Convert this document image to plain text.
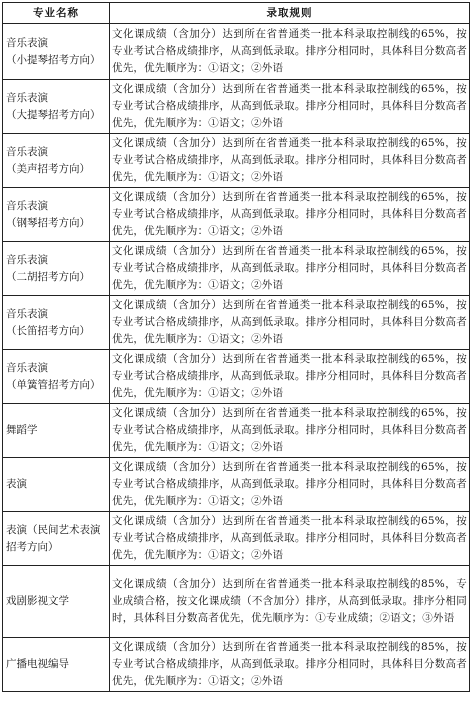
专业名称	录取规则
音乐表演
（小提琴招考方向）	文化课成绩（含加分）达到所在省普通类一批本科录取控制线的65%，按专业考试合格成绩排序，从高到低录取。排序分相同时，具体科目分数高者优先，优先顺序为：①语文；②外语
音乐表演
（大提琴招考方向）	文化课成绩（含加分）达到所在省普通类一批本科录取控制线的65%，按专业考试合格成绩排序，从高到低录取。排序分相同时，具体科目分数高者优先，优先顺序为：①语文；②外语
音乐表演
（美声招考方向）	文化课成绩（含加分）达到所在省普通类一批本科录取控制线的65%，按专业考试合格成绩排序，从高到低录取。排序分相同时，具体科目分数高者优先，优先顺序为：①语文；②外语
音乐表演
（钢琴招考方向）	文化课成绩（含加分）达到所在省普通类一批本科录取控制线的65%，按专业考试合格成绩排序，从高到低录取。排序分相同时，具体科目分数高者优先，优先顺序为：①语文；②外语
音乐表演
（二胡招考方向）	文化课成绩（含加分）达到所在省普通类一批本科录取控制线的65%，按专业考试合格成绩排序，从高到低录取。排序分相同时，具体科目分数高者优先，优先顺序为：①语文；②外语
音乐表演
（长笛招考方向）	文化课成绩（含加分）达到所在省普通类一批本科录取控制线的65%，按专业考试合格成绩排序，从高到低录取。排序分相同时，具体科目分数高者优先，优先顺序为：①语文；②外语
音乐表演
（单簧管招考方向）	文化课成绩（含加分）达到所在省普通类一批本科录取控制线的65%，按专业考试合格成绩排序，从高到低录取。排序分相同时，具体科目分数高者优先，优先顺序为：①语文；②外语
舞蹈学	文化课成绩（含加分）达到所在省普通类一批本科录取控制线的65%，按专业考试合格成绩排序，从高到低录取。排序分相同时，具体科目分数高者优先，优先顺序为：①语文；②外语
表演	文化课成绩（含加分）达到所在省普通类一批本科录取控制线的65%，按专业考试合格成绩排序，从高到低录取。排序分相同时，具体科目分数高者优先，优先顺序为：①语文；②外语
表演（民间艺术表演招考方向）	文化课成绩（含加分）达到所在省普通类一批本科录取控制线的65%，按专业考试合格成绩排序，从高到低录取。排序分相同时，具体科目分数高者优先，优先顺序为：①语文；②外语
戏剧影视文学	文化课成绩（含加分）达到所在省普通类一批本科录取控制线的85%，专业成绩合格，按文化课成绩（不含加分）排序，从高到低录取。排序分相同时，具体科目分数高者优先，优先顺序为：①专业成绩；②语文；③外语
广播电视编导	文化课成绩（含加分）达到所在省普通类一批本科录取控制线的85%，按专业考试合格成绩排序，从高到低录取。排序分相同时，具体科目分数高者优先，优先顺序为：①语文；②外语
